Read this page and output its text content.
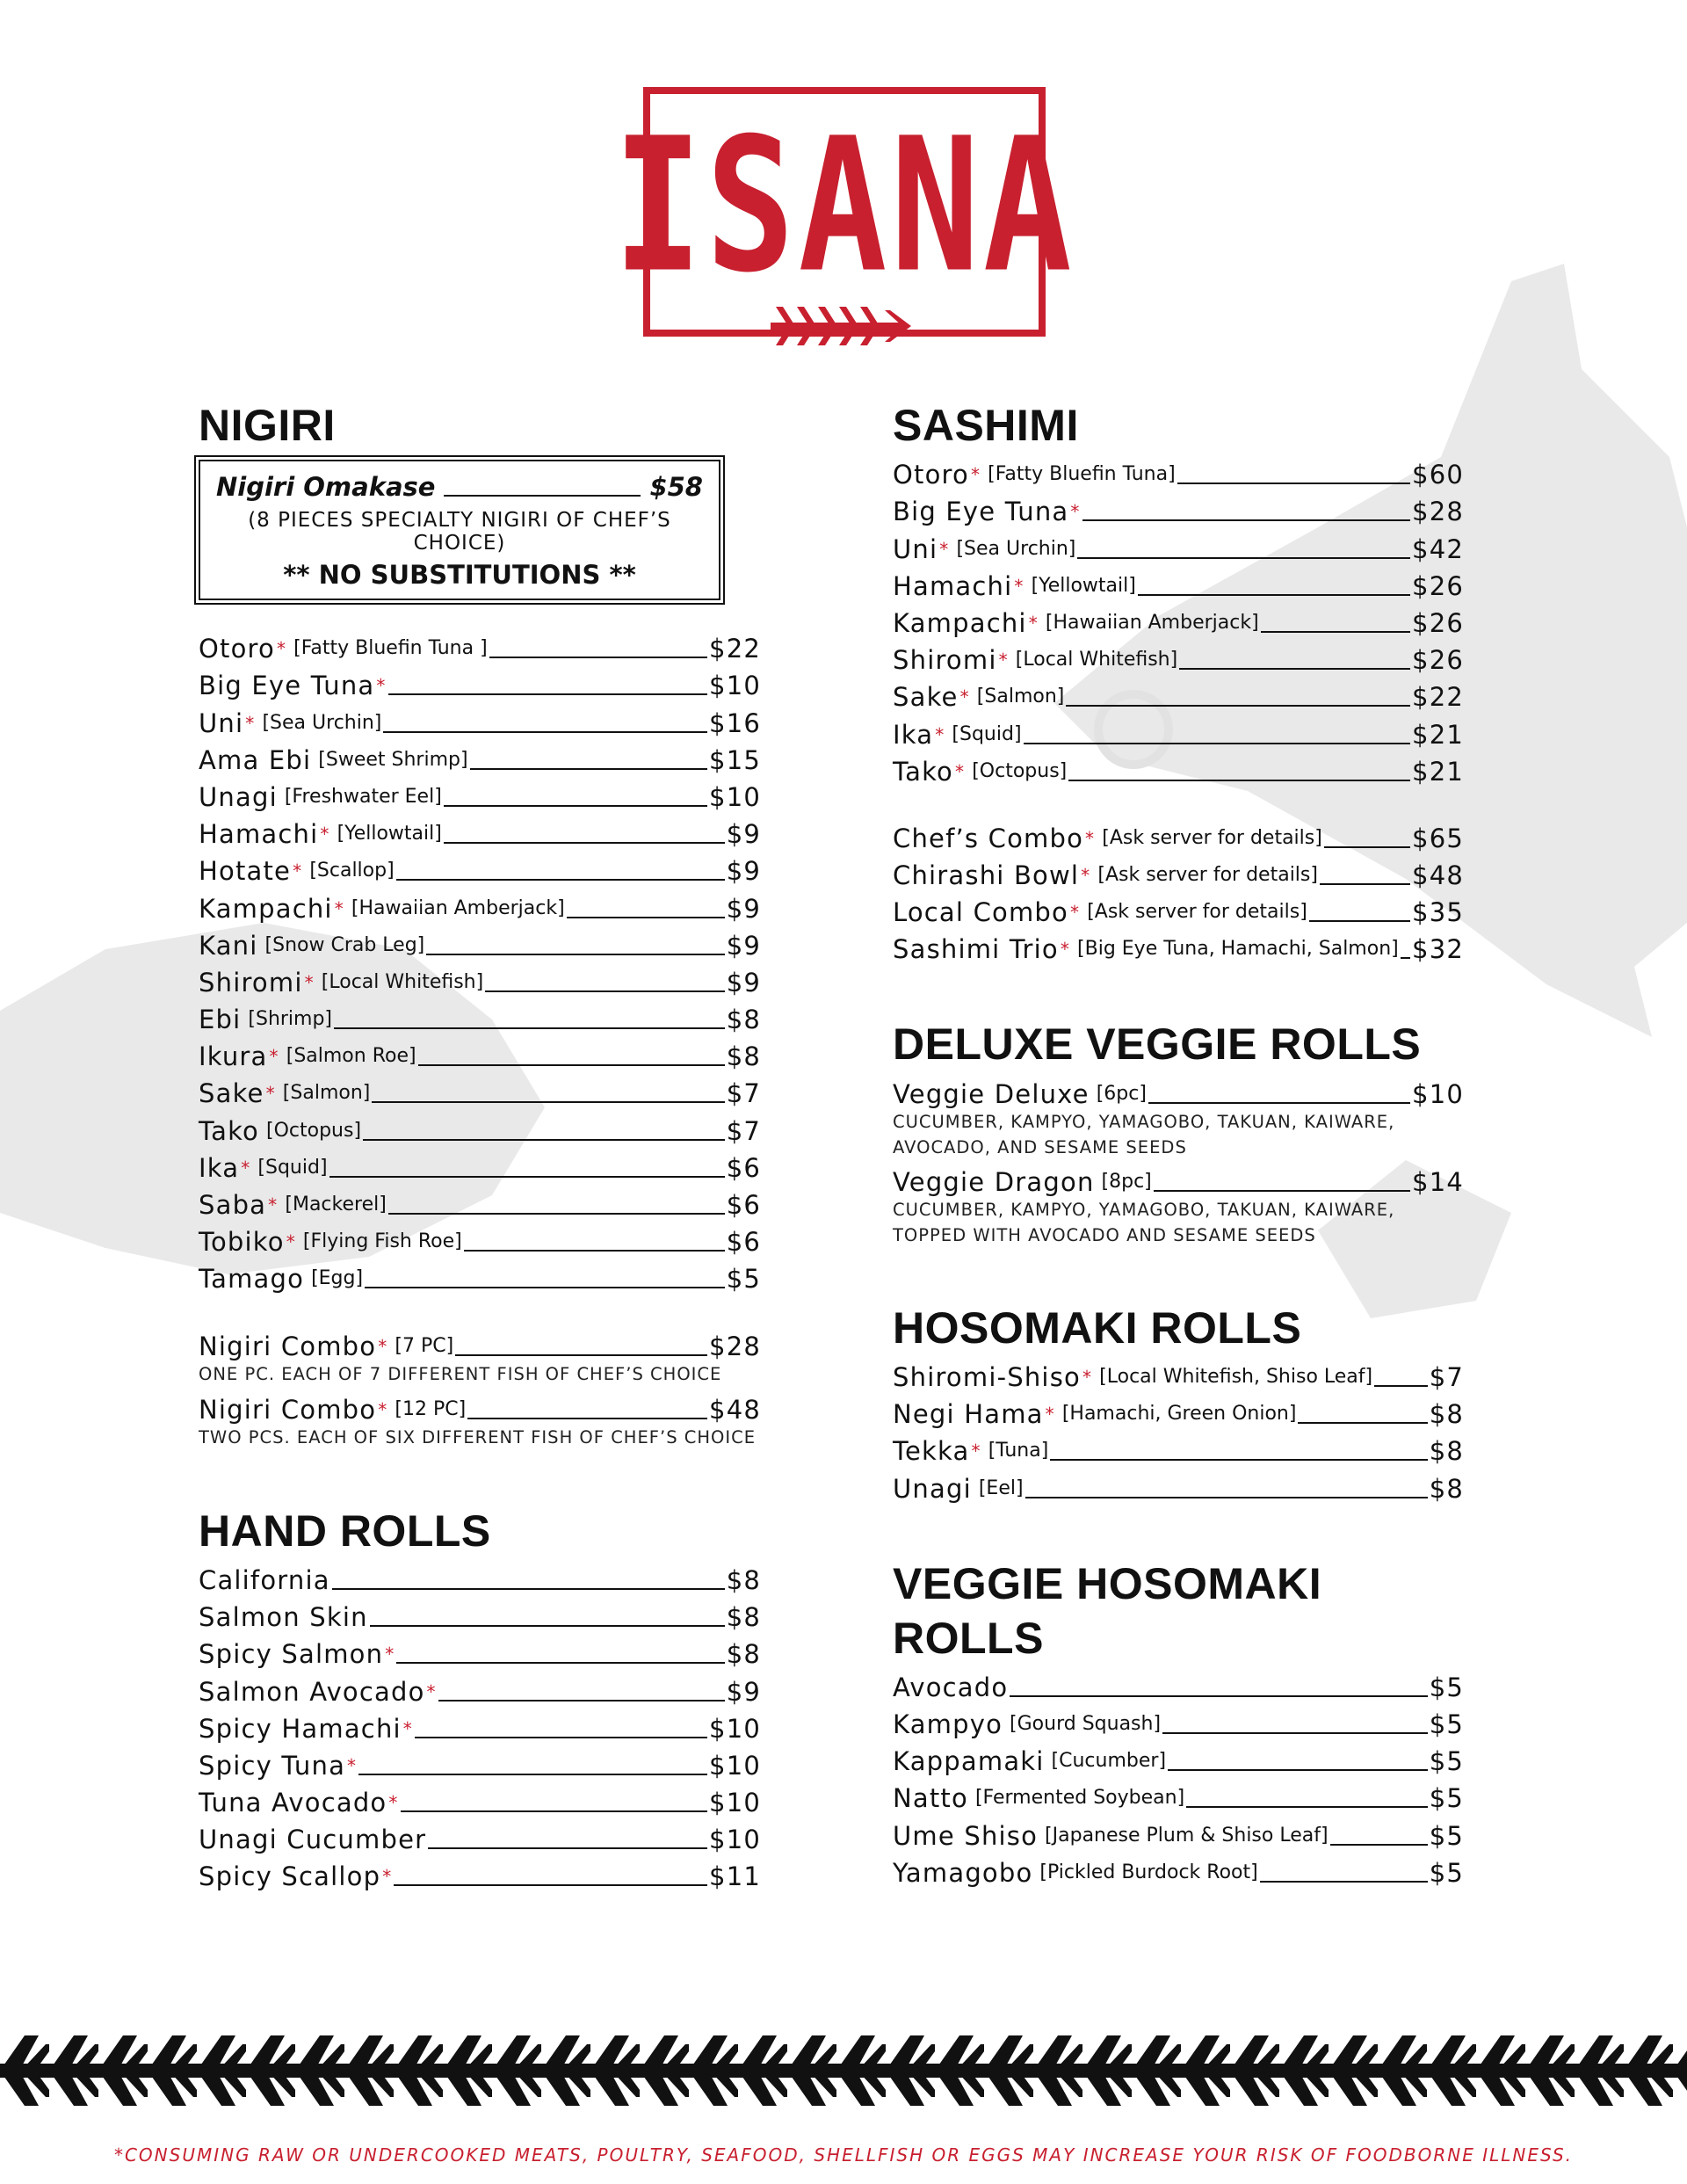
ISANA
NIGIRI
Nigiri Omakase	$58
(8 PIECES SPECIALTY NIGIRI OF CHEF’S CHOICE)
** NO SUBSTITUTIONS **
Otoro * [Fatty Bluefin Tuna ]	$22
Big Eye Tuna *	$10
Uni * [Sea Urchin]	$16
Ama Ebi [Sweet Shrimp]	$15
Unagi [Freshwater Eel]	$10
Hamachi * [Yellowtail]	$9
Hotate * [Scallop]	$9
Kampachi * [Hawaiian Amberjack]	$9
Kani [Snow Crab Leg]	$9
Shiromi * [Local Whitefish]	$9
Ebi [Shrimp]	$8
Ikura * [Salmon Roe]	$8
Sake * [Salmon]	$7
Tako [Octopus]	$7
Ika * [Squid]	$6
Saba * [Mackerel]	$6
Tobiko * [Flying Fish Roe]	$6
Tamago [Egg]	$5
Nigiri Combo * [7 PC]	$28
ONE PC. EACH OF 7 DIFFERENT FISH OF CHEF’S CHOICE
Nigiri Combo * [12 PC]	$48
TWO PCS. EACH OF SIX DIFFERENT FISH OF CHEF’S CHOICE
HAND ROLLS
California	$8
Salmon Skin	$8
Spicy Salmon *	$8
Salmon Avocado *	$9
Spicy Hamachi *	$10
Spicy Tuna *	$10
Tuna Avocado *	$10
Unagi Cucumber	$10
Spicy Scallop *	$11
SASHIMI
Otoro * [Fatty Bluefin Tuna]	$60
Big Eye Tuna *	$28
Uni * [Sea Urchin]	$42
Hamachi * [Yellowtail]	$26
Kampachi * [Hawaiian Amberjack]	$26
Shiromi * [Local Whitefish]	$26
Sake * [Salmon]	$22
Ika * [Squid]	$21
Tako * [Octopus]	$21
Chef’s Combo * [Ask server for details]	$65
Chirashi Bowl * [Ask server for details]	$48
Local Combo * [Ask server for details]	$35
Sashimi Trio * [Big Eye Tuna, Hamachi, Salmon] $32
DELUXE VEGGIE ROLLS
Veggie Deluxe [6pc]	$10
CUCUMBER, KAMPYO, YAMAGOBO, TAKUAN, KAIWARE,
AVOCADO, AND SESAME SEEDS
Veggie Dragon [8pc]	$14
CUCUMBER, KAMPYO, YAMAGOBO, TAKUAN, KAIWARE,
TOPPED WITH AVOCADO AND SESAME SEEDS
HOSOMAKI ROLLS
Shiromi-Shiso * [Local Whitefish, Shiso Leaf] $7
Negi Hama * [Hamachi, Green Onion]	$8
Tekka * [Tuna]	$8
Unagi [Eel]	$8
VEGGIE HOSOMAKI ROLLS
Avocado	$5
Kampyo [Gourd Squash]	$5
Kappamaki [Cucumber]	$5
Natto [Fermented Soybean]	$5
Ume Shiso [Japanese Plum & Shiso Leaf]	$5
Yamagobo [Pickled Burdock Root]	$5
*CONSUMING RAW OR UNDERCOOKED MEATS, POULTRY, SEAFOOD, SHELLFISH OR EGGS MAY INCREASE YOUR RISK OF FOODBORNE ILLNESS.
